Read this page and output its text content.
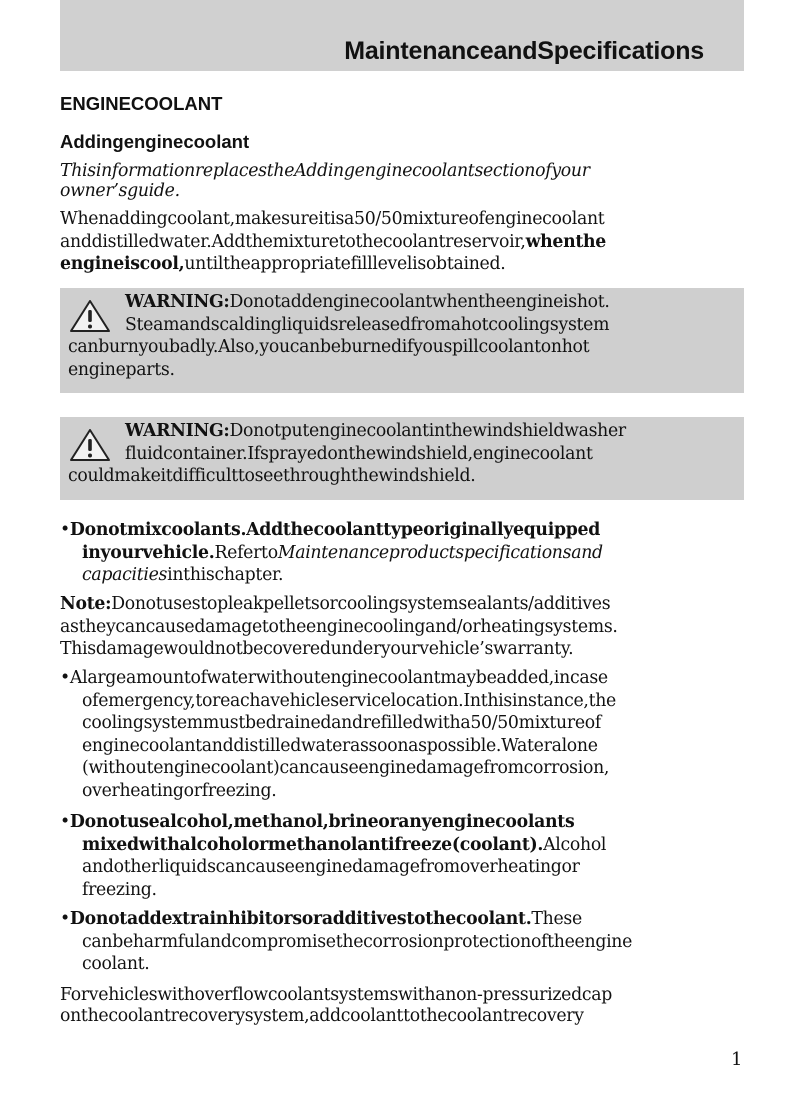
MaintenanceandSpecifications
ENGINECOOLANT
Addingenginecoolant
ThisinformationreplacestheAddingenginecoolantsectionofyour
owner’sguide.
Whenaddingcoolant,makesureitisa50/50mixtureofenginecoolant
anddistilledwater.Addthemixturetothecoolantreservoir,whenthe
engineiscool,untiltheappropriatefilllevelisobtained.
WARNING:Donotaddenginecoolantwhentheengineishot.
Steamandscaldingliquidsreleasedfromahotcoolingsystem
canburnyoubadly.Also,youcanbeburnedifyouspillcoolantonhot
engineparts.
WARNING:Donotputenginecoolantinthewindshieldwasher
fluidcontainer.Ifsprayedonthewindshield,enginecoolant
couldmakeitdifficulttoseethroughthewindshield.
•Donotmixcoolants.Addthecoolanttypeoriginallyequipped
inyourvehicle.RefertoMaintenanceproductspecificationsand
capacitiesinthischapter.
Note:Donotusestopleakpelletsorcoolingsystemsealants/additives
astheycancausedamagetotheenginecoolingand/orheatingsystems.
Thisdamagewouldnotbecoveredunderyourvehicle’swarranty.
•Alargeamountofwaterwithoutenginecoolantmaybeadded,incase
ofemergency,toreachavehicleservicelocation.Inthisinstance,the
coolingsystemmustbedrainedandrefilledwitha50/50mixtureof
enginecoolantanddistilledwaterassoonaspossible.Wateralone
(withoutenginecoolant)cancauseenginedamagefromcorrosion,
overheatingorfreezing.
•Donotusealcohol,methanol,brineoranyenginecoolants
mixedwithalcoholormethanolantifreeze(coolant).Alcohol
andotherliquidscancauseenginedamagefromoverheatingor
freezing.
•Donotaddextrainhibitorsoradditivestothecoolant.These
canbeharmfulandcompromisethecorrosionprotectionoftheengine
coolant.
Forvehicleswithoverflowcoolantsystemswithanon-pressurizedcap
onthecoolantrecoverysystem,addcoolanttothecoolantrecovery
1
